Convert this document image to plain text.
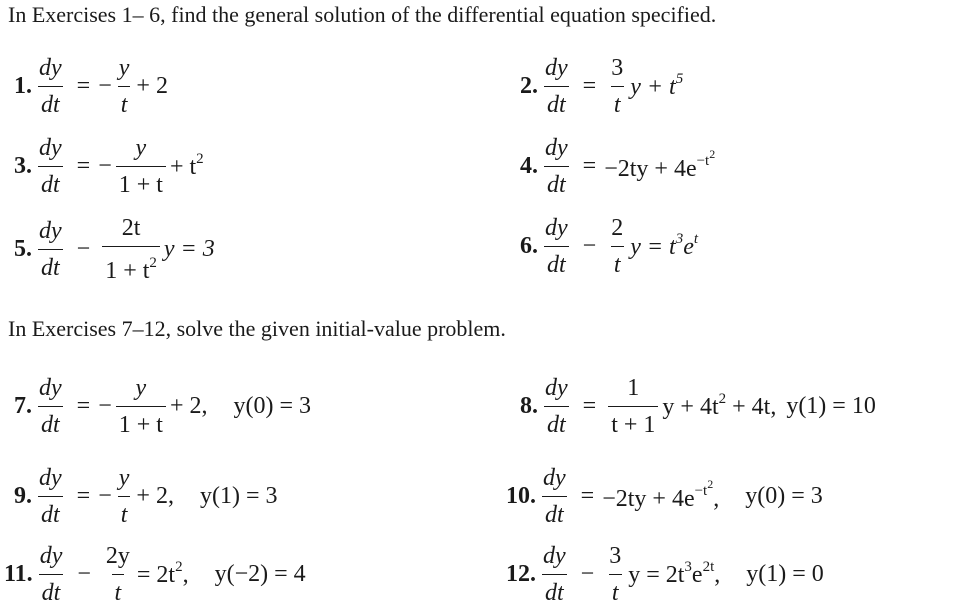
In Exercises 1– 6, find the general solution of the differential equation specified.
1. $\frac{dy}{dt}$ = − $\frac{y}{t} + 2$	2. $\frac{dy}{dt} = \frac{3}{t}$ $y + t^5$
3. $\frac{dy}{dt}$ = − $\frac{y}{1 + t} + t^2$	4. $\frac{dy}{dt} = -2ty + 4e^{-t^2}$
5. $\frac{dy}{dt} - \frac{2t}{1 + t^2}$ y = 3	6. $\frac{dy}{dt} - \frac{2}{t}$ $y = t^3e^t$
In Exercises 7–12, solve the given initial-value problem.
7. $\frac{dy}{dt}$ = − $\frac{y}{1 + t} + 2$, y(0) = 3	8. $\frac{dy}{dt} = \frac{1}{t + 1}$ $y + 4t^2 + 4t$, y(1) = 10
9. $\frac{dy}{dt}$ = − $\frac{y}{t} + 2$, y(1) = 3	10. $\frac{dy}{dt} = -2ty + 4e^{-t^2}$, y(0) = 3
11. $\frac{dy}{dt} - \frac{2y}{t} = 2t^2$, y(−2) = 4	12. $\frac{dy}{dt} - \frac{3}{t}$ $y = 2t^3e^{2t}$, y(1) = 0
